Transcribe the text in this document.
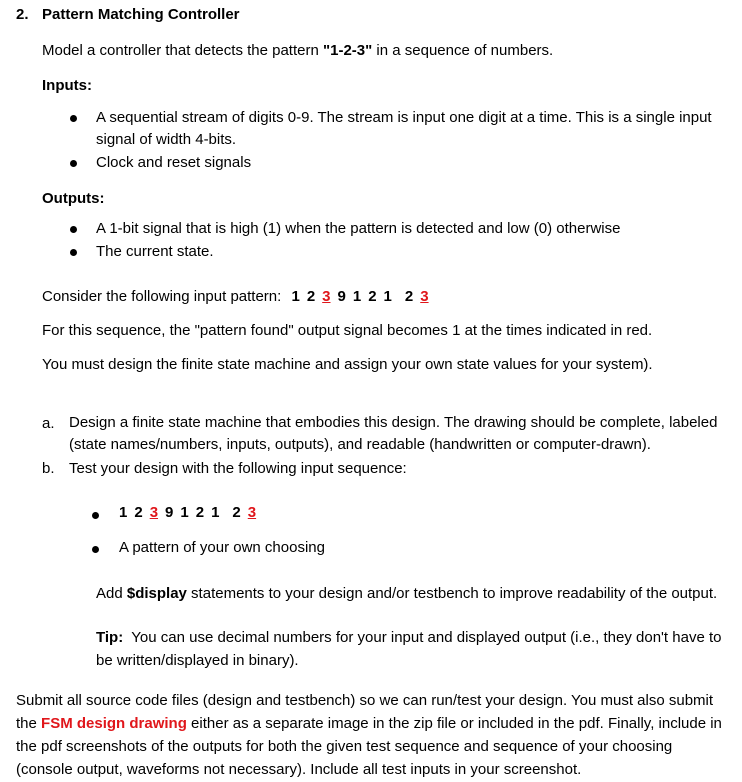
2. Pattern Matching Controller
Model a controller that detects the pattern "1-2-3" in a sequence of numbers.
Inputs:
A sequential stream of digits 0-9. The stream is input one digit at a time. This is a single input
signal of width 4-bits.
Clock and reset signals
Outputs:
A 1-bit signal that is high (1) when the pattern is detected and low (0) otherwise
The current state.
Consider the following input pattern: 1 2 3 9 1 2 1 2 3
For this sequence, the "pattern found" output signal becomes 1 at the times indicated in red.
You must design the finite state machine and assign your own state values for your system).
a. Design a finite state machine that embodies this design. The drawing should be complete, labeled
(state names/numbers, inputs, outputs), and readable (handwritten or computer-drawn).
b. Test your design with the following input sequence:
1 2 3 9 1 2 1 2 3
A pattern of your own choosing
Add $display statements to your design and/or testbench to improve readability of the output.
Tip:  You can use decimal numbers for your input and displayed output (i.e., they don't have to
be written/displayed in binary).
Submit all source code files (design and testbench) so we can run/test your design. You must also submit
the FSM design drawing either as a separate image in the zip file or included in the pdf. Finally, include in
the pdf screenshots of the outputs for both the given test sequence and sequence of your choosing
(console output, waveforms not necessary). Include all test inputs in your screenshot.
